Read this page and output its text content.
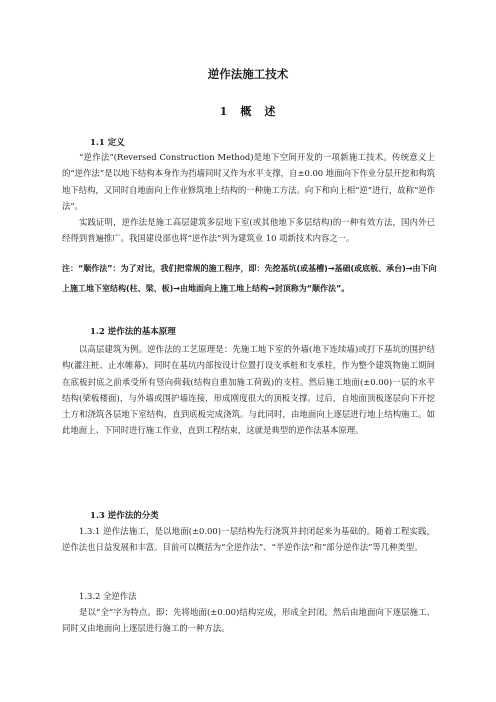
逆作法施工技术
1　概　述
1.1 定义
“逆作法”(Reversed Construction Method)是地下空间开发的一项新施工技术。传统意义上的“逆作法”是以地下结构本身作为挡墙同时又作为水平支撑，自±0.00 地面向下作业分层开挖和构筑地下结构，又同时自地面向上作业修筑地上结构的一种施工方法。向下和向上相“逆”进行，故称“逆作法”。
实践证明，逆作法是施工高层建筑多层地下室(或其他地下多层结构)的一种有效方法，国内外已经得到普遍推广。我国建设部也将“逆作法”列为建筑业 10 项新技术内容之一。
注：“顺作法”：为了对比，我们把常规的施工程序，即：先挖基坑(或基槽)→基础(或底板、承台)→由下向上施工地下室结构(柱、梁、板)→由地面向上施工地上结构→封顶称为“顺作法”。
1.2 逆作法的基本原理
以高层建筑为例。逆作法的工艺原理是：先施工地下室的外墙(地下连续墙)或打下基坑的围护结构(灌注桩、止水帷幕)，同时在基坑内部按设计位置打设支承桩和支承柱，作为整个建筑物施工期间在底板封底之前承受所有竖向荷载(结构自重加施工荷载)的支柱。然后施工地面(±0.00)一层的水平结构(梁板楼面)，与外墙或围护墙连接，形成刚度很大的顶板支撑。过后，自地面顶板逐层向下开挖土方和浇筑各层地下室结构，直到底板完成浇筑。与此同时，由地面向上逐层进行地上结构施工。如此地面上、下同时进行施工作业，直到工程结束，这就是典型的逆作法基本原理。
1.3 逆作法的分类
1.3.1 逆作法施工，是以地面(±0.00)一层结构先行浇筑并封闭起来为基础的。随着工程实践，逆作法也日益发展和丰富。目前可以概括为“全逆作法”、“半逆作法”和“部分逆作法”等几种类型。
1.3.2 全逆作法
是以“全”字为特点。即：先将地面(±0.00)结构完成，形成全封闭。然后由地面向下逐层施工、同时又由地面向上逐层进行施工的一种方法。
